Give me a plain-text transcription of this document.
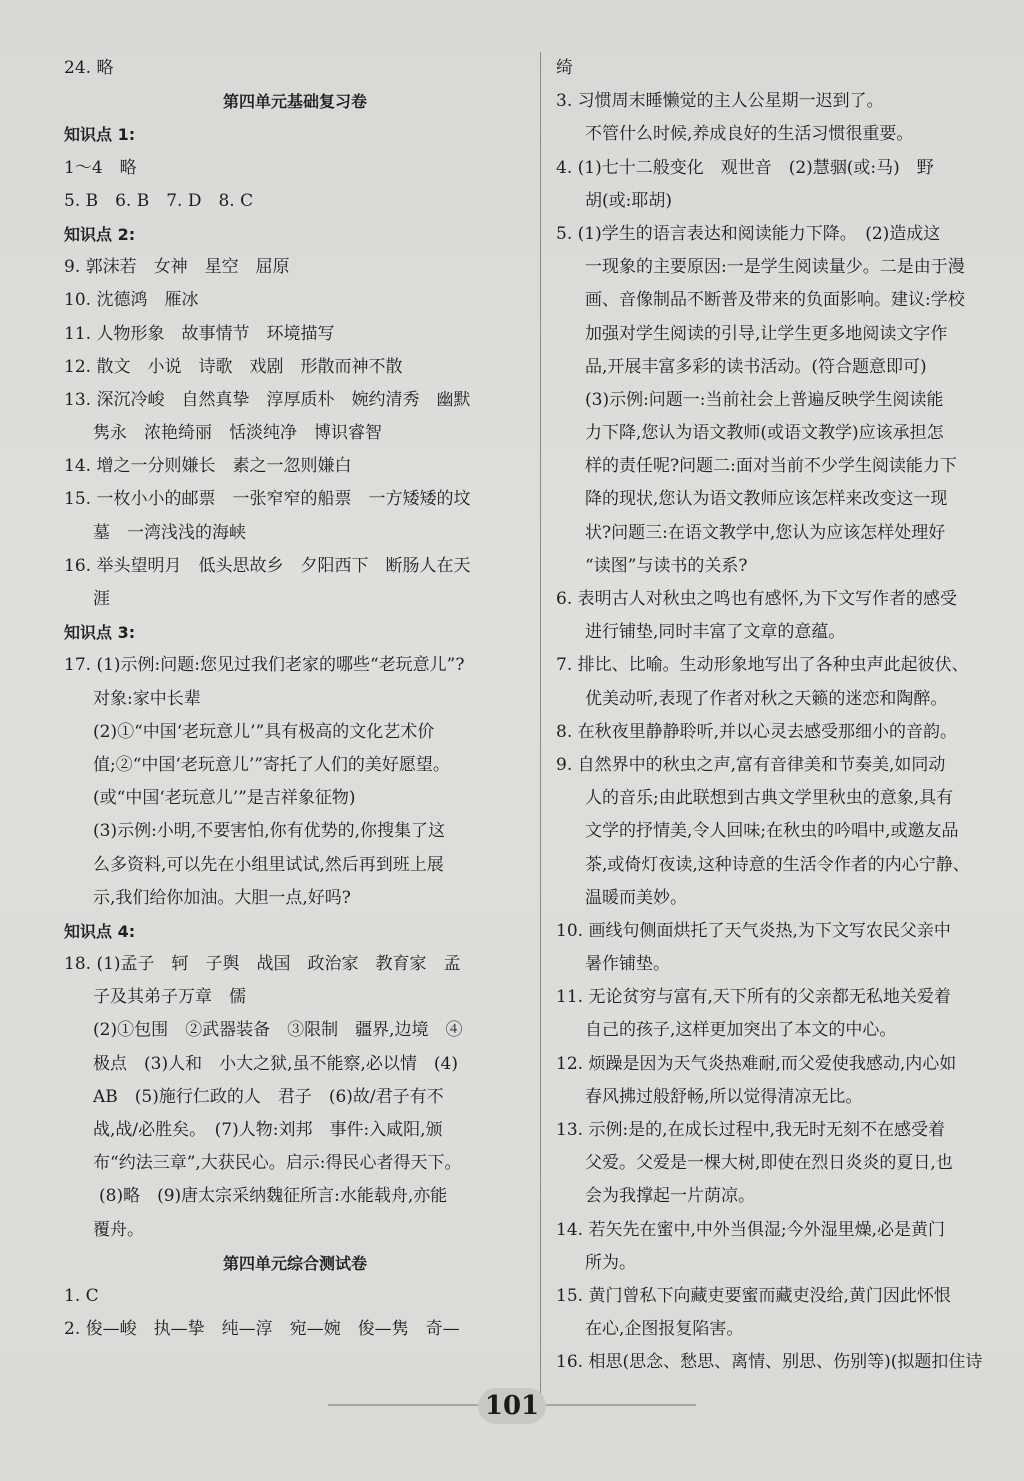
24. 略
第四单元基础复习卷
知识点 1:
1～4　略
5. B　6. B　7. D　8. C
知识点 2:
9. 郭沫若　女神　星空　屈原
10. 沈德鸿　雁冰
11. 人物形象　故事情节　环境描写
12. 散文　小说　诗歌　戏剧　形散而神不散
13. 深沉冷峻　自然真挚　淳厚质朴　婉约清秀　幽默
隽永　浓艳绮丽　恬淡纯净　博识睿智
14. 增之一分则嫌长　素之一忽则嫌白
15. 一枚小小的邮票　一张窄窄的船票　一方矮矮的坟
墓　一湾浅浅的海峡
16. 举头望明月　低头思故乡　夕阳西下　断肠人在天
涯
知识点 3:
17. (1)示例:问题:您见过我们老家的哪些“老玩意儿”?
对象:家中长辈
(2)①“中国‘老玩意儿’”具有极高的文化艺术价
值;②“中国‘老玩意儿’”寄托了人们的美好愿望。
(或“中国‘老玩意儿’”是吉祥象征物)
(3)示例:小明,不要害怕,你有优势的,你搜集了这
么多资料,可以先在小组里试试,然后再到班上展
示,我们给你加油。大胆一点,好吗?
知识点 4:
18. (1)孟子　轲　子舆　战国　政治家　教育家　孟
子及其弟子万章　儒
(2)①包围　②武器装备　③限制　疆界,边境　④
极点　(3)人和　小大之狱,虽不能察,必以情　(4)
AB　(5)施行仁政的人　君子　(6)故/君子有不
战,战/必胜矣。　(7)人物:刘邦　事件:入咸阳,颁
布“约法三章”,大获民心。启示:得民心者得天下。
(8)略　(9)唐太宗采纳魏征所言:水能载舟,亦能
覆舟。
第四单元综合测试卷
1. C
2. 俊—峻　执—挚　纯—淳　宛—婉　俊—隽　奇—
绮
3. 习惯周末睡懒觉的主人公星期一迟到了。
不管什么时候,养成良好的生活习惯很重要。
4. (1)七十二般变化　观世音　(2)慧骃(或:马)　野
胡(或:耶胡)
5. (1)学生的语言表达和阅读能力下降。　(2)造成这
一现象的主要原因:一是学生阅读量少。二是由于漫
画、音像制品不断普及带来的负面影响。建议:学校
加强对学生阅读的引导,让学生更多地阅读文字作
品,开展丰富多彩的读书活动。(符合题意即可)
(3)示例:问题一:当前社会上普遍反映学生阅读能
力下降,您认为语文教师(或语文教学)应该承担怎
样的责任呢?问题二:面对当前不少学生阅读能力下
降的现状,您认为语文教师应该怎样来改变这一现
状?问题三:在语文教学中,您认为应该怎样处理好
“读图”与读书的关系?
6. 表明古人对秋虫之鸣也有感怀,为下文写作者的感受
进行铺垫,同时丰富了文章的意蕴。
7. 排比、比喻。生动形象地写出了各种虫声此起彼伏、
优美动听,表现了作者对秋之天籁的迷恋和陶醉。
8. 在秋夜里静静聆听,并以心灵去感受那细小的音韵。
9. 自然界中的秋虫之声,富有音律美和节奏美,如同动
人的音乐;由此联想到古典文学里秋虫的意象,具有
文学的抒情美,令人回味;在秋虫的吟唱中,或邀友品
茶,或倚灯夜读,这种诗意的生活令作者的内心宁静、
温暖而美妙。
10. 画线句侧面烘托了天气炎热,为下文写农民父亲中
暑作铺垫。
11. 无论贫穷与富有,天下所有的父亲都无私地关爱着
自己的孩子,这样更加突出了本文的中心。
12. 烦躁是因为天气炎热难耐,而父爱使我感动,内心如
春风拂过般舒畅,所以觉得清凉无比。
13. 示例:是的,在成长过程中,我无时无刻不在感受着
父爱。父爱是一棵大树,即使在烈日炎炎的夏日,也
会为我撑起一片荫凉。
14. 若矢先在蜜中,中外当俱湿;今外湿里燥,必是黄门
所为。
15. 黄门曾私下向藏吏要蜜而藏吏没给,黄门因此怀恨
在心,企图报复陷害。
16. 相思(思念、愁思、离情、别思、伤别等)(拟题扣住诗
101
